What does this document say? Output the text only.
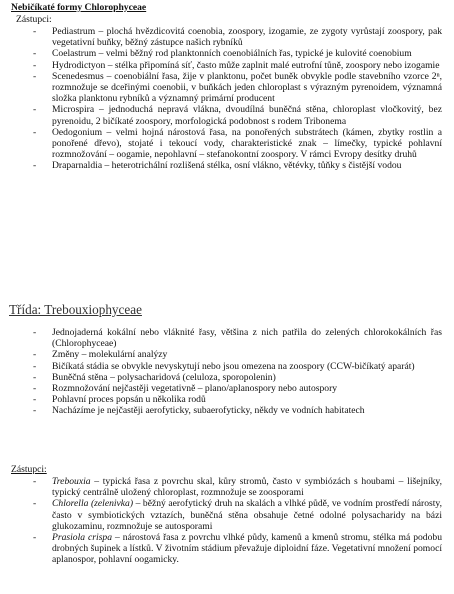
Nebičíkaté formy Chlorophyceae
Zástupci:
- Pediastrum – plochá hvězdicovitá coenobia, zoospory, izogamie, ze zygoty vyrůstají zoospory, pak vegetativní buňky, běžný zástupce našich rybníků
- Coelastrum – velmi běžný rod planktonních coenobiálních řas, typické je kulovité coenobium
- Hydrodictyon – stélka připomíná síť, často může zaplnit malé eutrofní tůně, zoospory nebo izogamie
- Scenedesmus – coenobiální řasa, žije v planktonu, počet buněk obvykle podle stavebního vzorce 2ⁿ, rozmnožuje se dceřinými coenobii, v buňkách jeden chloroplast s výrazným pyrenoidem, významná složka planktonu rybníků a významný primární producent
- Microspira – jednoduchá nepravá vlákna, dvoudílná buněčná stěna, chloroplast vločkovitý, bez pyrenoidu, 2 bičíkaté zoospory, morfologická podobnost s rodem Tribonema
- Oedogonium – velmi hojná nárostová řasa, na ponořených substrátech (kámen, zbytky rostlin a ponořené dřevo), stojaté i tekoucí vody, charakteristické znak – límečky, typické pohlavní rozmnožování – oogamie, nepohlavní – stefanokontní zoospory. V rámci Evropy desítky druhů
- Draparnaldia – heterotrichální rozlišená stélka, osní vlákno, větévky, tůňky s čistější vodou
Třída: Trebouxiophyceae
- Jednojaderná kokální nebo vláknité řasy, většina z nich patřila do zelených chlorokokálních řas (Chlorophyceae)
- Změny – molekulární analýzy
- Bičíkatá stádia se obvykle nevyskytují nebo jsou omezena na zoospory (CCW-bičíkatý aparát)
- Buněčná stěna – polysacharidová (celuloza, sporopolenin)
- Rozmnožování nejčastěji vegetativně – plano/aplanospory nebo autospory
- Pohlavní proces popsán u několika rodů
- Nacházíme je nejčastěji aerofyticky, subaerofyticky, někdy ve vodních habitatech
Zástupci:
- Trebouxia – typická řasa z povrchu skal, kůry stromů, často v symbiózách s houbami – lišejníky, typický centrálně uložený chloroplast, rozmnožuje se zoosporami
- Chlorella (zelenivka) – běžný aerofytický druh na skalách a vlhké půdě, ve vodním prostředí nárosty, často v symbiotických vztazích, buněčná stěna obsahuje četné odolné polysacharidy na bázi glukozaminu, rozmnožuje se autosporami
- Prasiola crispa – nárostová řasa z povrchu vlhké půdy, kamenů a kmenů stromu, stélka má podobu drobných šupinek a lístků. V životním stádium převažuje diploidní fáze. Vegetativní množení pomocí aplanospor, pohlavní oogamicky.
